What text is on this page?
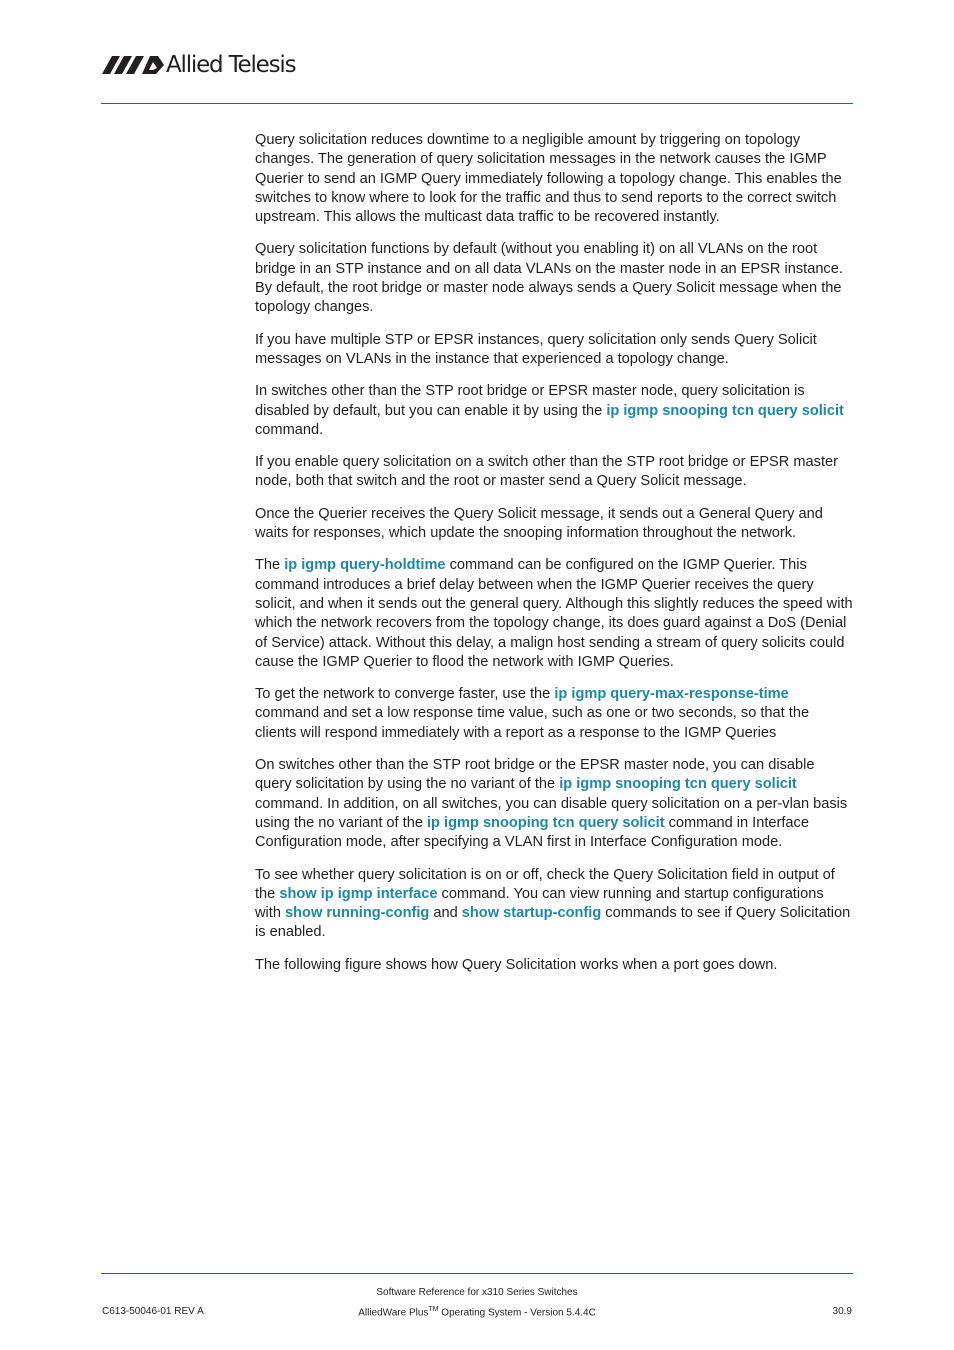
Allied Telesis

Query solicitation reduces downtime to a negligible amount by triggering on topology changes. The generation of query solicitation messages in the network causes the IGMP Querier to send an IGMP Query immediately following a topology change. This enables the switches to know where to look for the traffic and thus to send reports to the correct switch upstream. This allows the multicast data traffic to be recovered instantly.

Query solicitation functions by default (without you enabling it) on all VLANs on the root bridge in an STP instance and on all data VLANs on the master node in an EPSR instance. By default, the root bridge or master node always sends a Query Solicit message when the topology changes.

If you have multiple STP or EPSR instances, query solicitation only sends Query Solicit messages on VLANs in the instance that experienced a topology change.

In switches other than the STP root bridge or EPSR master node, query solicitation is disabled by default, but you can enable it by using the ip igmp snooping tcn query solicit command.

If you enable query solicitation on a switch other than the STP root bridge or EPSR master node, both that switch and the root or master send a Query Solicit message.

Once the Querier receives the Query Solicit message, it sends out a General Query and waits for responses, which update the snooping information throughout the network.

The ip igmp query-holdtime command can be configured on the IGMP Querier. This command introduces a brief delay between when the IGMP Querier receives the query solicit, and when it sends out the general query. Although this slightly reduces the speed with which the network recovers from the topology change, its does guard against a DoS (Denial of Service) attack. Without this delay, a malign host sending a stream of query solicits could cause the IGMP Querier to flood the network with IGMP Queries.

To get the network to converge faster, use the ip igmp query-max-response-time command and set a low response time value, such as one or two seconds, so that the clients will respond immediately with a report as a response to the IGMP Queries

On switches other than the STP root bridge or the EPSR master node, you can disable query solicitation by using the no variant of the ip igmp snooping tcn query solicit command. In addition, on all switches, you can disable query solicitation on a per-vlan basis using the no variant of the ip igmp snooping tcn query solicit command in Interface Configuration mode, after specifying a VLAN first in Interface Configuration mode.

To see whether query solicitation is on or off, check the Query Solicitation field in output of the show ip igmp interface command. You can view running and startup configurations with show running-config and show startup-config commands to see if Query Solicitation is enabled.

The following figure shows how Query Solicitation works when a port goes down.

Software Reference for x310 Series Switches
AlliedWare Plus™ Operating System - Version 5.4.4C
C613-50046-01 REV A	30.9
